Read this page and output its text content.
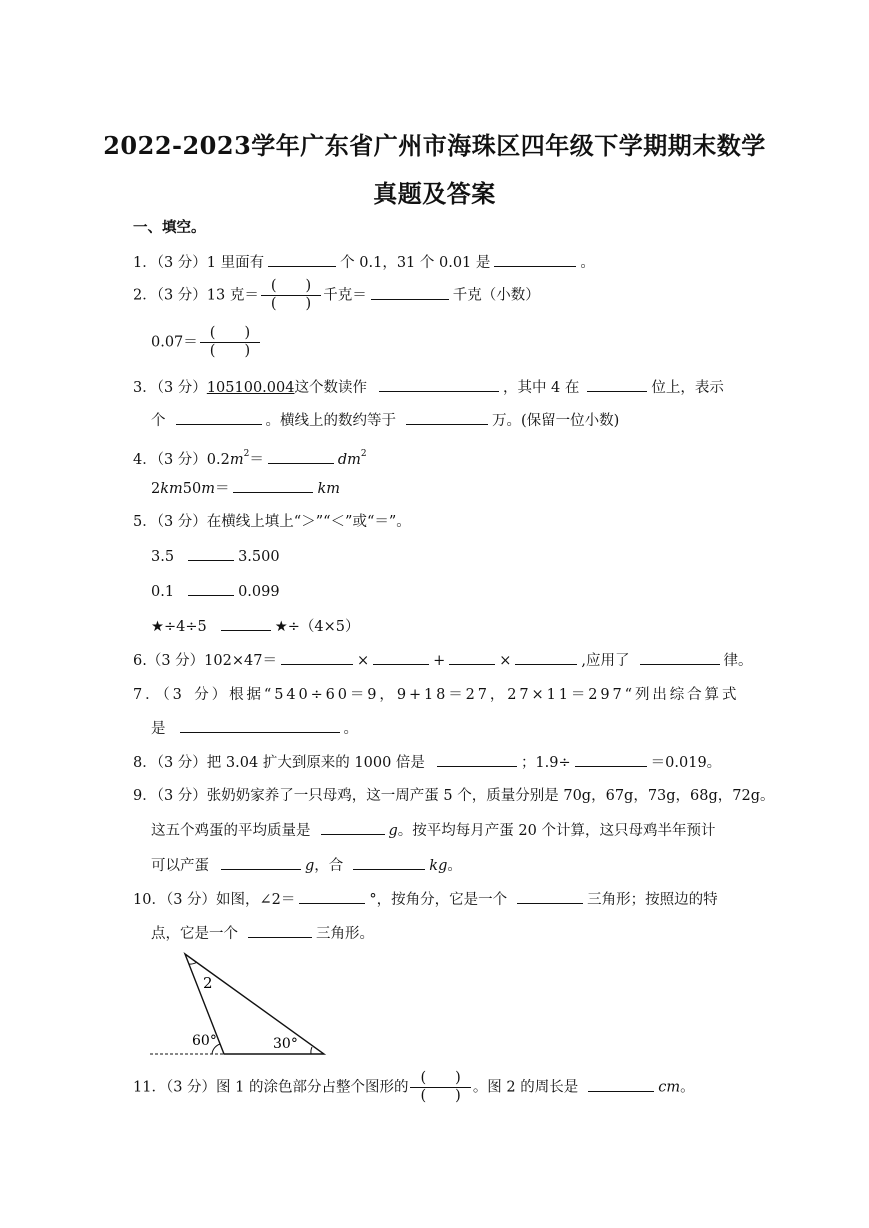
2022-2023学年广东省广州市海珠区四年级下学期期末数学
真题及答案
一、填空。
1．（3 分）1 里面有	个 0.1，31 个 0.01 是	。
2．（3 分）13 克＝ $\frac{( )}{( )}$ 千克＝	千克（小数）
$0.07= \frac{( )}{( )}$
3．（3 分）105100.004这个数读作	，其中 4 在	位上，表示
个	。横线上的数约等于	万。(保留一位小数)
4．（3 分）$0.2m^2=$	$dm^2$
2km50m＝	km
5．（3 分）在横线上填上“＞”“＜”或“＝”。
3.5	3.500
0.1	0.099
★÷4÷5	★÷（4×5）
6.（3 分）102×47＝	×	+	×	,应用了	律。
7．（3 分）根据“540÷60＝9，9+18＝27，27×11＝297“列出综合算式
是	。
8．（3 分）把 3.04 扩大到原来的 1000 倍是	；1.9÷	＝0.019。
9．（3 分）张奶奶家养了一只母鸡，这一周产蛋 5 个，质量分别是 70g，67g，73g，68g，72g。
这五个鸡蛋的平均质量是	g。按平均每月产蛋 20 个计算，这只母鸡半年预计
可以产蛋	g，合	kg。
10．（3 分）如图，∠2＝	°，按角分，它是一个	三角形；按照边的特
点，它是一个	三角形。
2
60°	30°
11．（3 分）图 1 的涂色部分占整个图形的 $\frac{( )}{( )}$ 。图 2 的周长是	cm。
